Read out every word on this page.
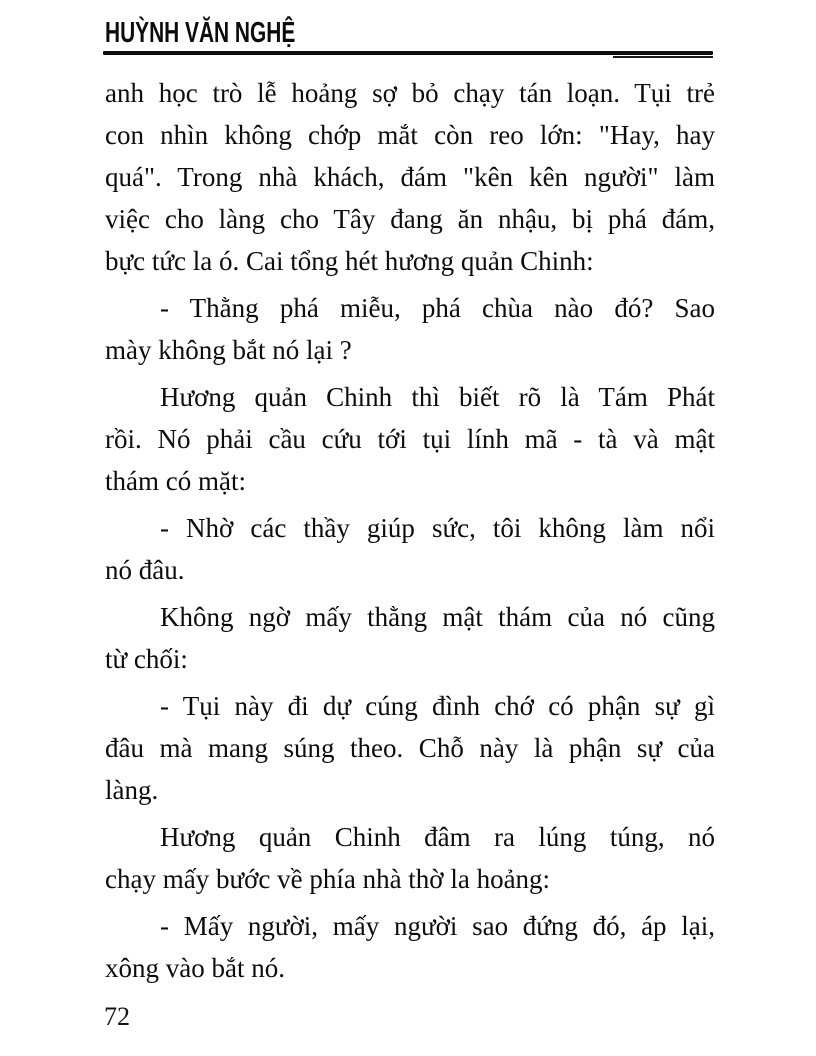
HUỲNH VĂN NGHỆ

anh học trò lễ hoảng sợ bỏ chạy tán loạn. Tụi trẻ
con nhìn không chớp mắt còn reo lớn: "Hay, hay
quá". Trong nhà khách, đám "kên kên người" làm
việc cho làng cho Tây đang ăn nhậu, bị phá đám,
bực tức la ó. Cai tổng hét hương quản Chinh:

- Thằng phá miễu, phá chùa nào đó? Sao
mày không bắt nó lại ?

Hương quản Chinh thì biết rõ là Tám Phát
rồi. Nó phải cầu cứu tới tụi lính mã - tà và mật
thám có mặt:

- Nhờ các thầy giúp sức, tôi không làm nổi
nó đâu.

Không ngờ mấy thằng mật thám của nó cũng
từ chối:

- Tụi này đi dự cúng đình chớ có phận sự gì
đâu mà mang súng theo. Chỗ này là phận sự của
làng.

Hương quản Chinh đâm ra lúng túng, nó
chạy mấy bước về phía nhà thờ la hoảng:

- Mấy người, mấy người sao đứng đó, áp lại,
xông vào bắt nó.

72
